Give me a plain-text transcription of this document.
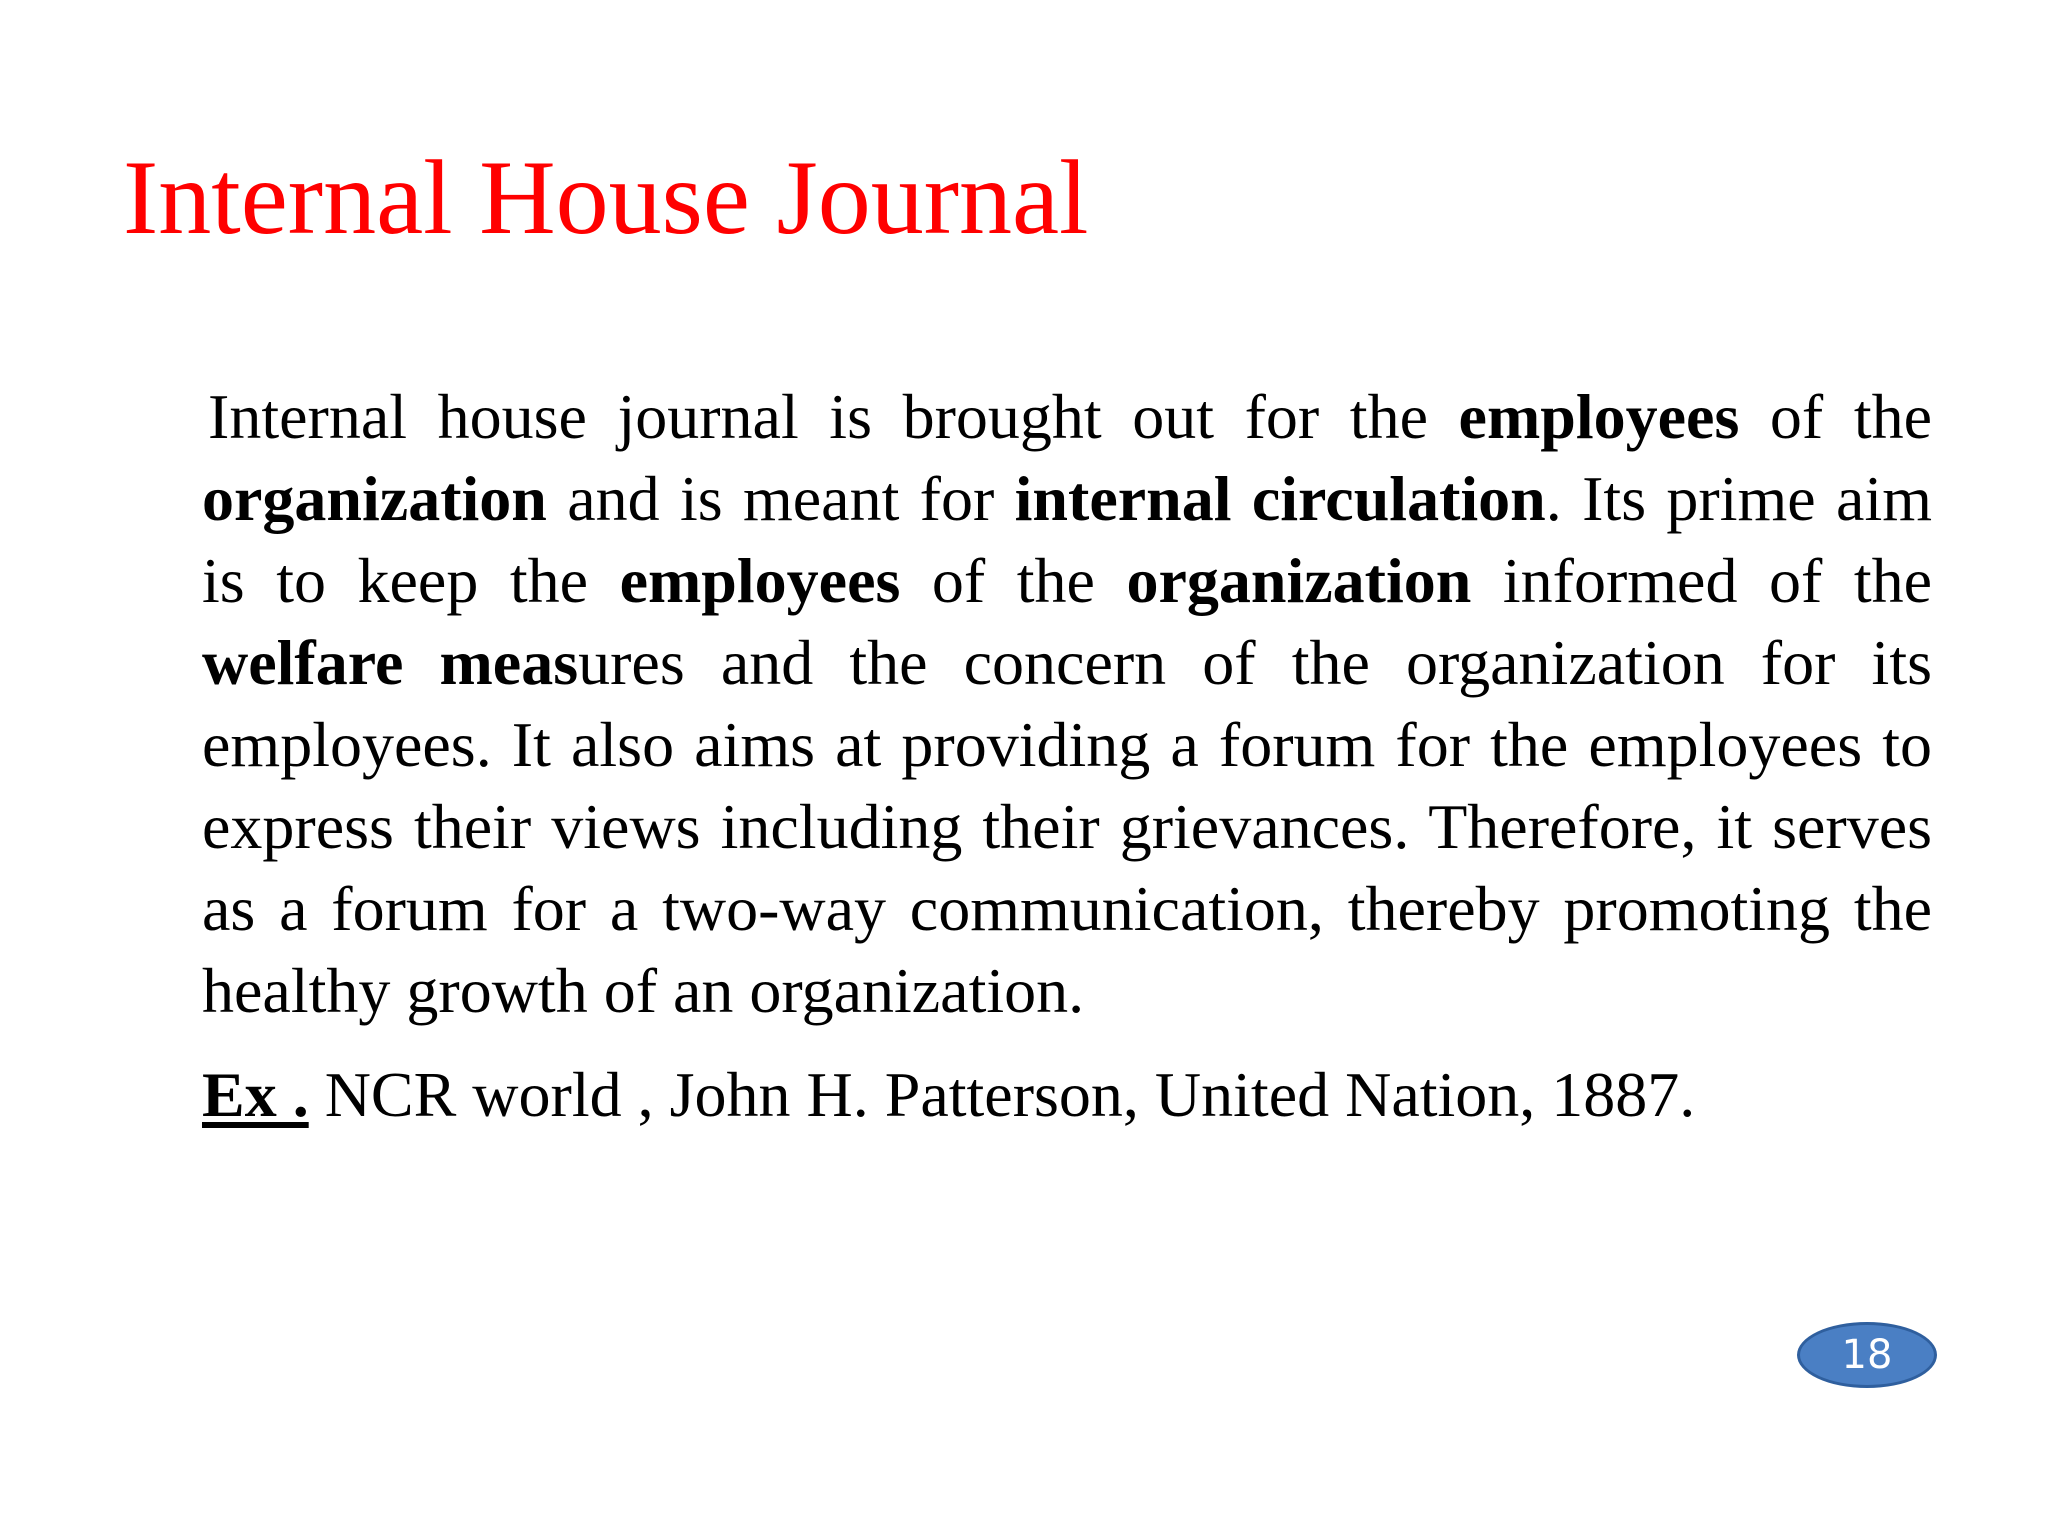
Internal House Journal

Internal house journal is brought out for the employees of the organization and is meant for internal circulation. Its prime aim is to keep the employees of the organization informed of the welfare measures and the concern of the organization for its employees. It also aims at providing a forum for the employees to express their views including their grievances. Therefore, it serves as a forum for a two-way communication, thereby promoting the healthy growth of an organization.

Ex . NCR world , John H. Patterson, United Nation, 1887.

18
